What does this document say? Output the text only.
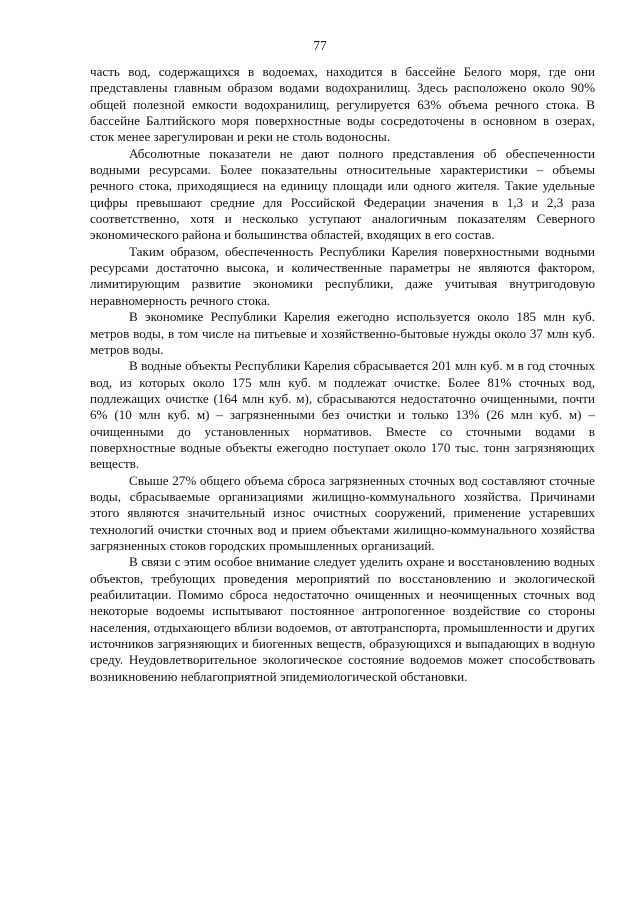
77

часть вод, содержащихся в водоемах, находится в бассейне Белого моря, где они представлены главным образом водами водохранилищ. Здесь расположено около 90% общей полезной емкости водохранилищ, регулируется 63% объема речного стока. В бассейне Балтийского моря поверхностные воды сосредоточены в основном в озерах, сток менее зарегулирован и реки не столь водоносны.

Абсолютные показатели не дают полного представления об обеспеченности водными ресурсами. Более показательны относительные характеристики – объемы речного стока, приходящиеся на единицу площади или одного жителя. Такие удельные цифры превышают средние для Российской Федерации значения в 1,3 и 2,3 раза соответственно, хотя и несколько уступают аналогичным показателям Северного экономического района и большинства областей, входящих в его состав.

Таким образом, обеспеченность Республики Карелия поверхностными водными ресурсами достаточно высока, и количественные параметры не являются фактором, лимитирующим развитие экономики республики, даже учитывая внутригодовую неравномерность речного стока.

В экономике Республики Карелия ежегодно используется около 185 млн куб. метров воды, в том числе на питьевые и хозяйственно-бытовые нужды около 37 млн куб. метров воды.

В водные объекты Республики Карелия сбрасывается 201 млн куб. м в год сточных вод, из которых около 175 млн куб. м подлежат очистке. Более 81% сточных вод, подлежащих очистке (164 млн куб. м), сбрасываются недостаточно очищенными, почти 6% (10 млн куб. м) – загрязненными без очистки и только 13% (26 млн куб. м) – очищенными до установленных нормативов. Вместе со сточными водами в поверхностные водные объекты ежегодно поступает около 170 тыс. тонн загрязняющих веществ.

Свыше 27% общего объема сброса загрязненных сточных вод составляют сточные воды, сбрасываемые организациями жилищно-коммунального хозяйства. Причинами этого являются значительный износ очистных сооружений, применение устаревших технологий очистки сточных вод и прием объектами жилищно-коммунального хозяйства загрязненных стоков городских промышленных организаций.

В связи с этим особое внимание следует уделить охране и восстановлению водных объектов, требующих проведения мероприятий по восстановлению и экологической реабилитации. Помимо сброса недостаточно очищенных и неочищенных сточных вод некоторые водоемы испытывают постоянное антропогенное воздействие со стороны населения, отдыхающего вблизи водоемов, от автотранспорта, промышленности и других источников загрязняющих и биогенных веществ, образующихся и выпадающих в водную среду. Неудовлетворительное экологическое состояние водоемов может способствовать возникновению неблагоприятной эпидемиологической обстановки.
